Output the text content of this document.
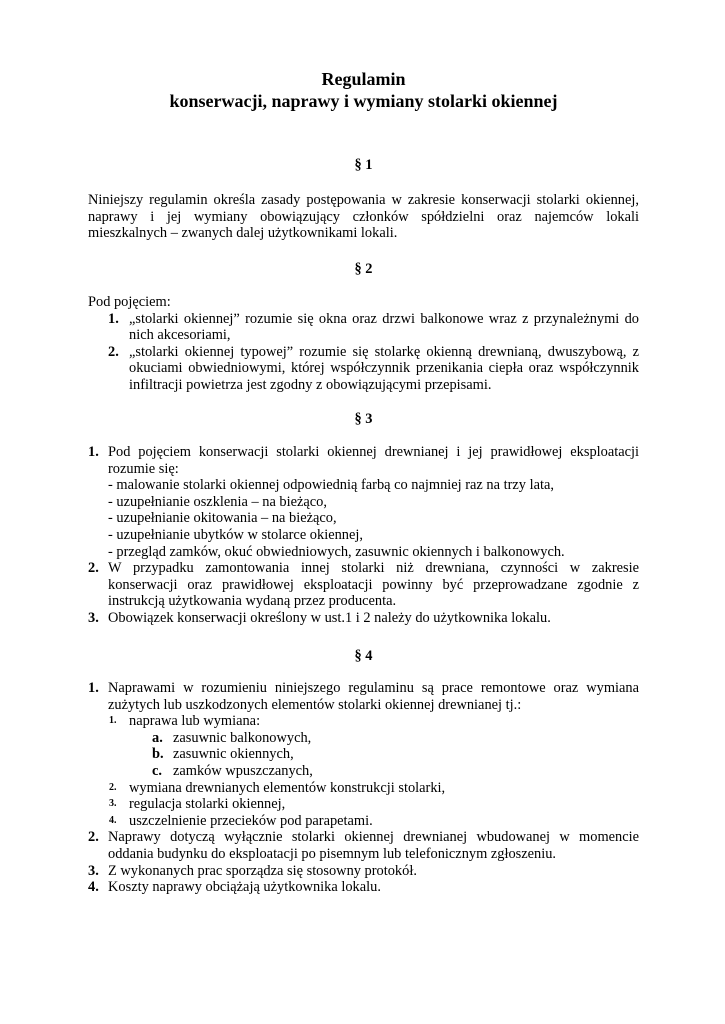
Regulamin
konserwacji, naprawy i wymiany stolarki okiennej
§ 1
Niniejszy regulamin określa zasady postępowania w zakresie konserwacji stolarki okiennej,
naprawy i jej wymiany obowiązujący członków spółdzielni oraz najemców lokali
mieszkalnych – zwanych dalej użytkownikami lokali.
§ 2
Pod pojęciem:
1. „stolarki okiennej” rozumie się okna oraz drzwi balkonowe wraz z przynależnymi do
nich akcesoriami,
2. „stolarki okiennej typowej” rozumie się stolarkę okienną drewnianą, dwuszybową, z
okuciami obwiedniowymi, której współczynnik przenikania ciepła oraz współczynnik
infiltracji powietrza jest zgodny z obowiązującymi przepisami.
§ 3
1. Pod pojęciem konserwacji stolarki okiennej drewnianej i jej prawidłowej eksploatacji
rozumie się:
- malowanie stolarki okiennej odpowiednią farbą co najmniej raz na trzy lata,
- uzupełnianie oszklenia – na bieżąco,
- uzupełnianie okitowania – na bieżąco,
- uzupełnianie ubytków w stolarce okiennej,
- przegląd zamków, okuć obwiedniowych, zasuwnic okiennych i balkonowych.
2. W przypadku zamontowania innej stolarki niż drewniana, czynności w zakresie
konserwacji oraz prawidłowej eksploatacji powinny być przeprowadzane zgodnie z
instrukcją użytkowania wydaną przez producenta.
3. Obowiązek konserwacji określony w ust.1 i 2 należy do użytkownika lokalu.
§ 4
1. Naprawami w rozumieniu niniejszego regulaminu są prace remontowe oraz wymiana
zużytych lub uszkodzonych elementów stolarki okiennej drewnianej tj.:
1. naprawa lub wymiana:
a. zasuwnic balkonowych,
b. zasuwnic okiennych,
c. zamków wpuszczanych,
2. wymiana drewnianych elementów konstrukcji stolarki,
3. regulacja stolarki okiennej,
4. uszczelnienie przecieków pod parapetami.
2. Naprawy dotyczą wyłącznie stolarki okiennej drewnianej wbudowanej w momencie
oddania budynku do eksploatacji po pisemnym lub telefonicznym zgłoszeniu.
3. Z wykonanych prac sporządza się stosowny protokół.
4. Koszty naprawy obciążają użytkownika lokalu.
